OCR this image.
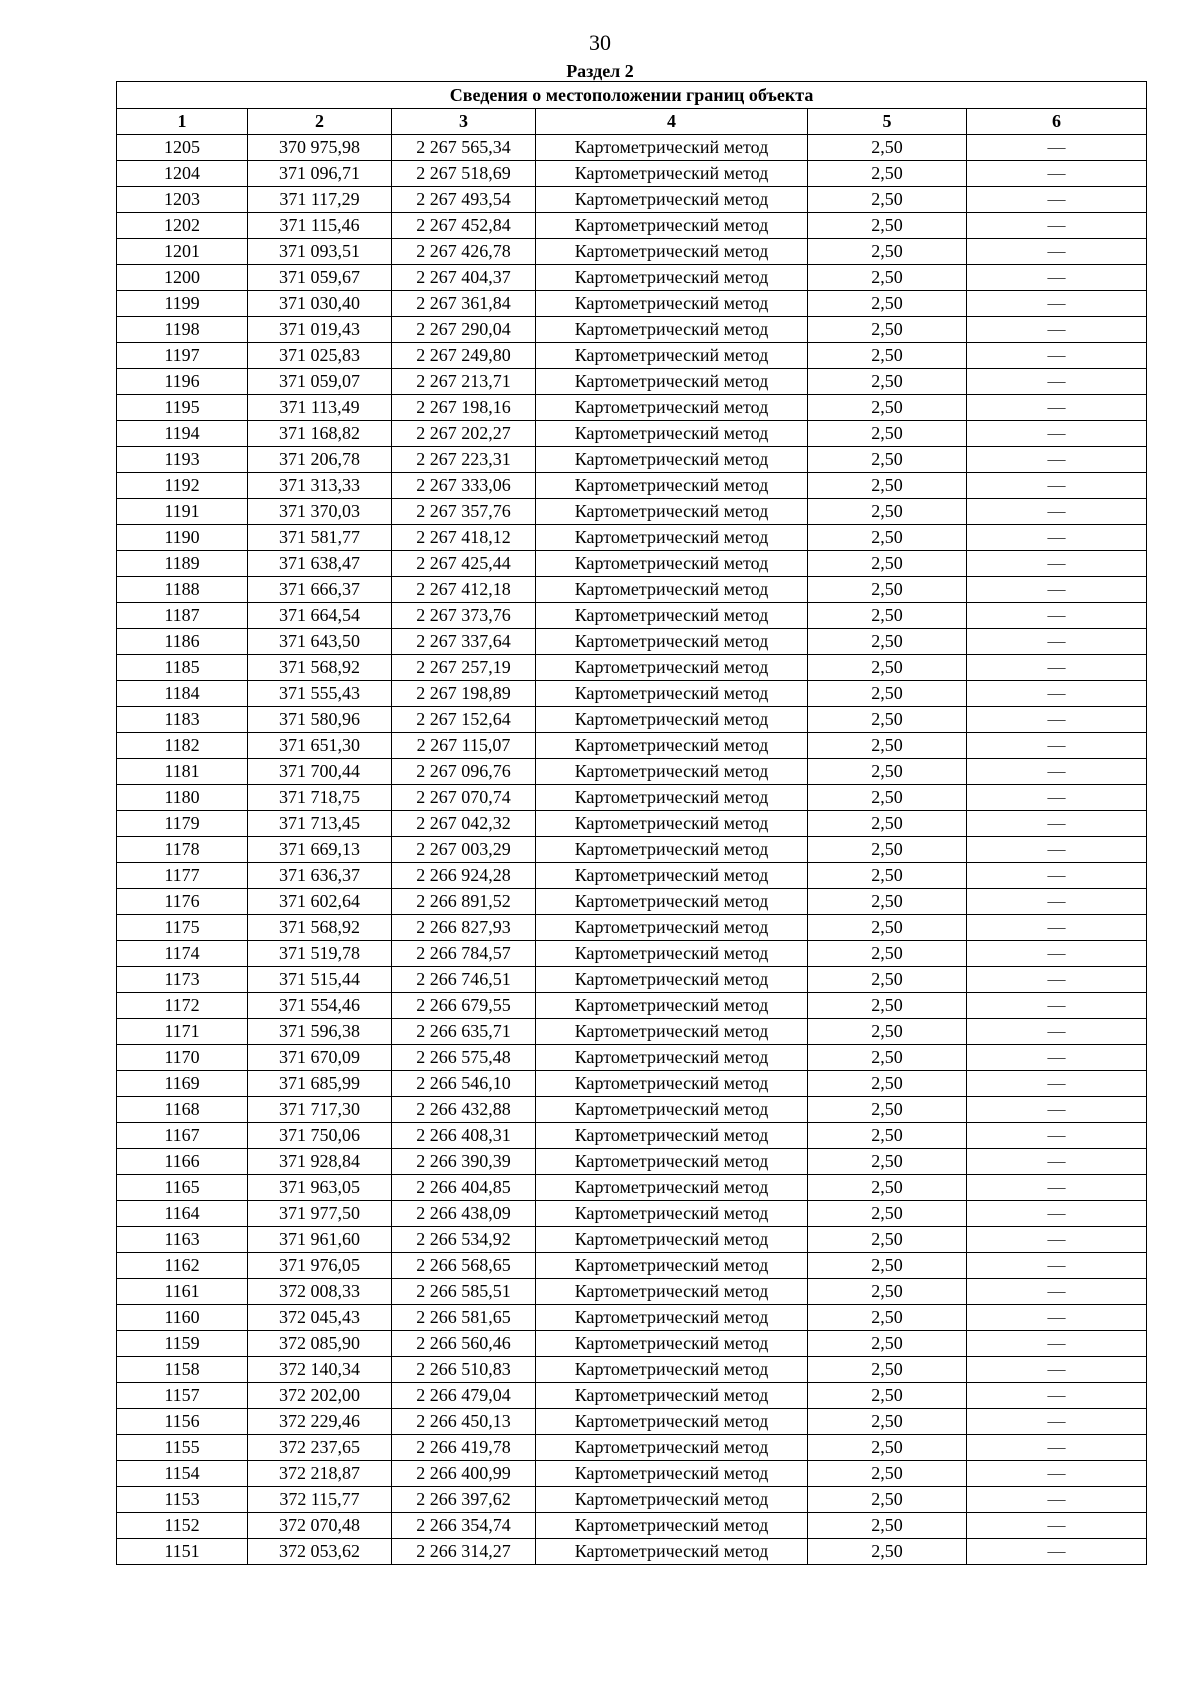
30
Раздел 2
Сведения о местоположении границ объекта					
1	2	3	4	5	6
1205	370 975,98	2 267 565,34	Картометрический метод	2,50	—
1204	371 096,71	2 267 518,69	Картометрический метод	2,50	—
1203	371 117,29	2 267 493,54	Картометрический метод	2,50	—
1202	371 115,46	2 267 452,84	Картометрический метод	2,50	—
1201	371 093,51	2 267 426,78	Картометрический метод	2,50	—
1200	371 059,67	2 267 404,37	Картометрический метод	2,50	—
1199	371 030,40	2 267 361,84	Картометрический метод	2,50	—
1198	371 019,43	2 267 290,04	Картометрический метод	2,50	—
1197	371 025,83	2 267 249,80	Картометрический метод	2,50	—
1196	371 059,07	2 267 213,71	Картометрический метод	2,50	—
1195	371 113,49	2 267 198,16	Картометрический метод	2,50	—
1194	371 168,82	2 267 202,27	Картометрический метод	2,50	—
1193	371 206,78	2 267 223,31	Картометрический метод	2,50	—
1192	371 313,33	2 267 333,06	Картометрический метод	2,50	—
1191	371 370,03	2 267 357,76	Картометрический метод	2,50	—
1190	371 581,77	2 267 418,12	Картометрический метод	2,50	—
1189	371 638,47	2 267 425,44	Картометрический метод	2,50	—
1188	371 666,37	2 267 412,18	Картометрический метод	2,50	—
1187	371 664,54	2 267 373,76	Картометрический метод	2,50	—
1186	371 643,50	2 267 337,64	Картометрический метод	2,50	—
1185	371 568,92	2 267 257,19	Картометрический метод	2,50	—
1184	371 555,43	2 267 198,89	Картометрический метод	2,50	—
1183	371 580,96	2 267 152,64	Картометрический метод	2,50	—
1182	371 651,30	2 267 115,07	Картометрический метод	2,50	—
1181	371 700,44	2 267 096,76	Картометрический метод	2,50	—
1180	371 718,75	2 267 070,74	Картометрический метод	2,50	—
1179	371 713,45	2 267 042,32	Картометрический метод	2,50	—
1178	371 669,13	2 267 003,29	Картометрический метод	2,50	—
1177	371 636,37	2 266 924,28	Картометрический метод	2,50	—
1176	371 602,64	2 266 891,52	Картометрический метод	2,50	—
1175	371 568,92	2 266 827,93	Картометрический метод	2,50	—
1174	371 519,78	2 266 784,57	Картометрический метод	2,50	—
1173	371 515,44	2 266 746,51	Картометрический метод	2,50	—
1172	371 554,46	2 266 679,55	Картометрический метод	2,50	—
1171	371 596,38	2 266 635,71	Картометрический метод	2,50	—
1170	371 670,09	2 266 575,48	Картометрический метод	2,50	—
1169	371 685,99	2 266 546,10	Картометрический метод	2,50	—
1168	371 717,30	2 266 432,88	Картометрический метод	2,50	—
1167	371 750,06	2 266 408,31	Картометрический метод	2,50	—
1166	371 928,84	2 266 390,39	Картометрический метод	2,50	—
1165	371 963,05	2 266 404,85	Картометрический метод	2,50	—
1164	371 977,50	2 266 438,09	Картометрический метод	2,50	—
1163	371 961,60	2 266 534,92	Картометрический метод	2,50	—
1162	371 976,05	2 266 568,65	Картометрический метод	2,50	—
1161	372 008,33	2 266 585,51	Картометрический метод	2,50	—
1160	372 045,43	2 266 581,65	Картометрический метод	2,50	—
1159	372 085,90	2 266 560,46	Картометрический метод	2,50	—
1158	372 140,34	2 266 510,83	Картометрический метод	2,50	—
1157	372 202,00	2 266 479,04	Картометрический метод	2,50	—
1156	372 229,46	2 266 450,13	Картометрический метод	2,50	—
1155	372 237,65	2 266 419,78	Картометрический метод	2,50	—
1154	372 218,87	2 266 400,99	Картометрический метод	2,50	—
1153	372 115,77	2 266 397,62	Картометрический метод	2,50	—
1152	372 070,48	2 266 354,74	Картометрический метод	2,50	—
1151	372 053,62	2 266 314,27	Картометрический метод	2,50	—
